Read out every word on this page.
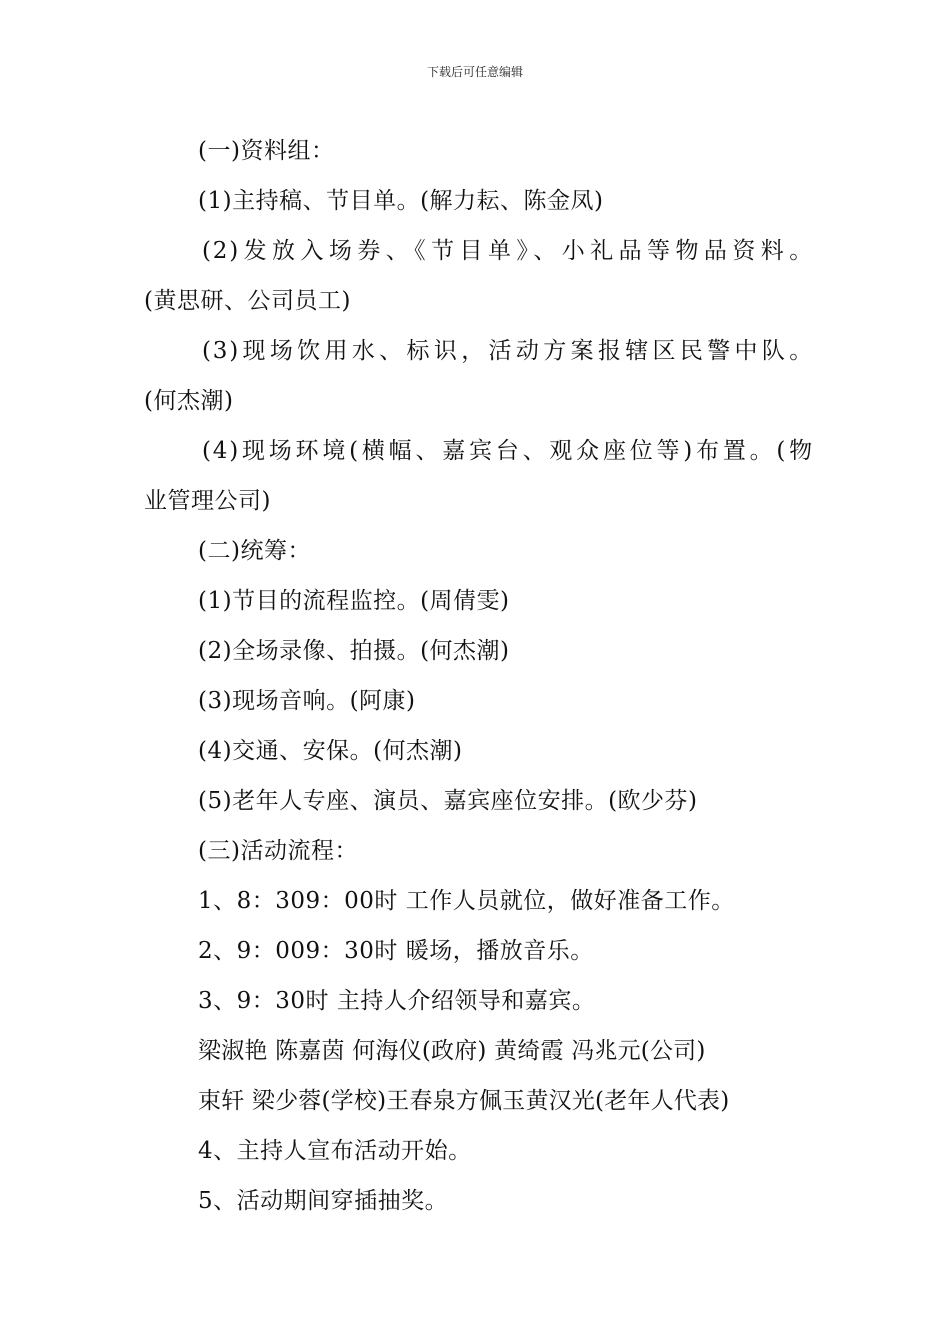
下载后可任意编辑
(一)资料组：
(1)主持稿、节目单。(解力耘、陈金凤)
(2)发放入场券、《节目单》、小礼品等物品资料。
(黄思研、公司员工)
(3)现场饮用水、标识，活动方案报辖区民警中队。
(何杰潮)
(4)现场环境(横幅、嘉宾台、观众座位等)布置。(物
业管理公司)
(二)统筹：
(1)节目的流程监控。(周倩雯)
(2)全场录像、拍摄。(何杰潮)
(3)现场音响。(阿康)
(4)交通、安保。(何杰潮)
(5)老年人专座、演员、嘉宾座位安排。(欧少芬)
(三)活动流程：
1、8：309：00时 工作人员就位，做好准备工作。
2、9：009：30时 暖场，播放音乐。
3、9：30时 主持人介绍领导和嘉宾。
梁淑艳 陈嘉茵 何海仪(政府) 黄绮霞 冯兆元(公司)
束轩 梁少蓉(学校)王春泉方佩玉黄汉光(老年人代表)
4、主持人宣布活动开始。
5、活动期间穿插抽奖。
